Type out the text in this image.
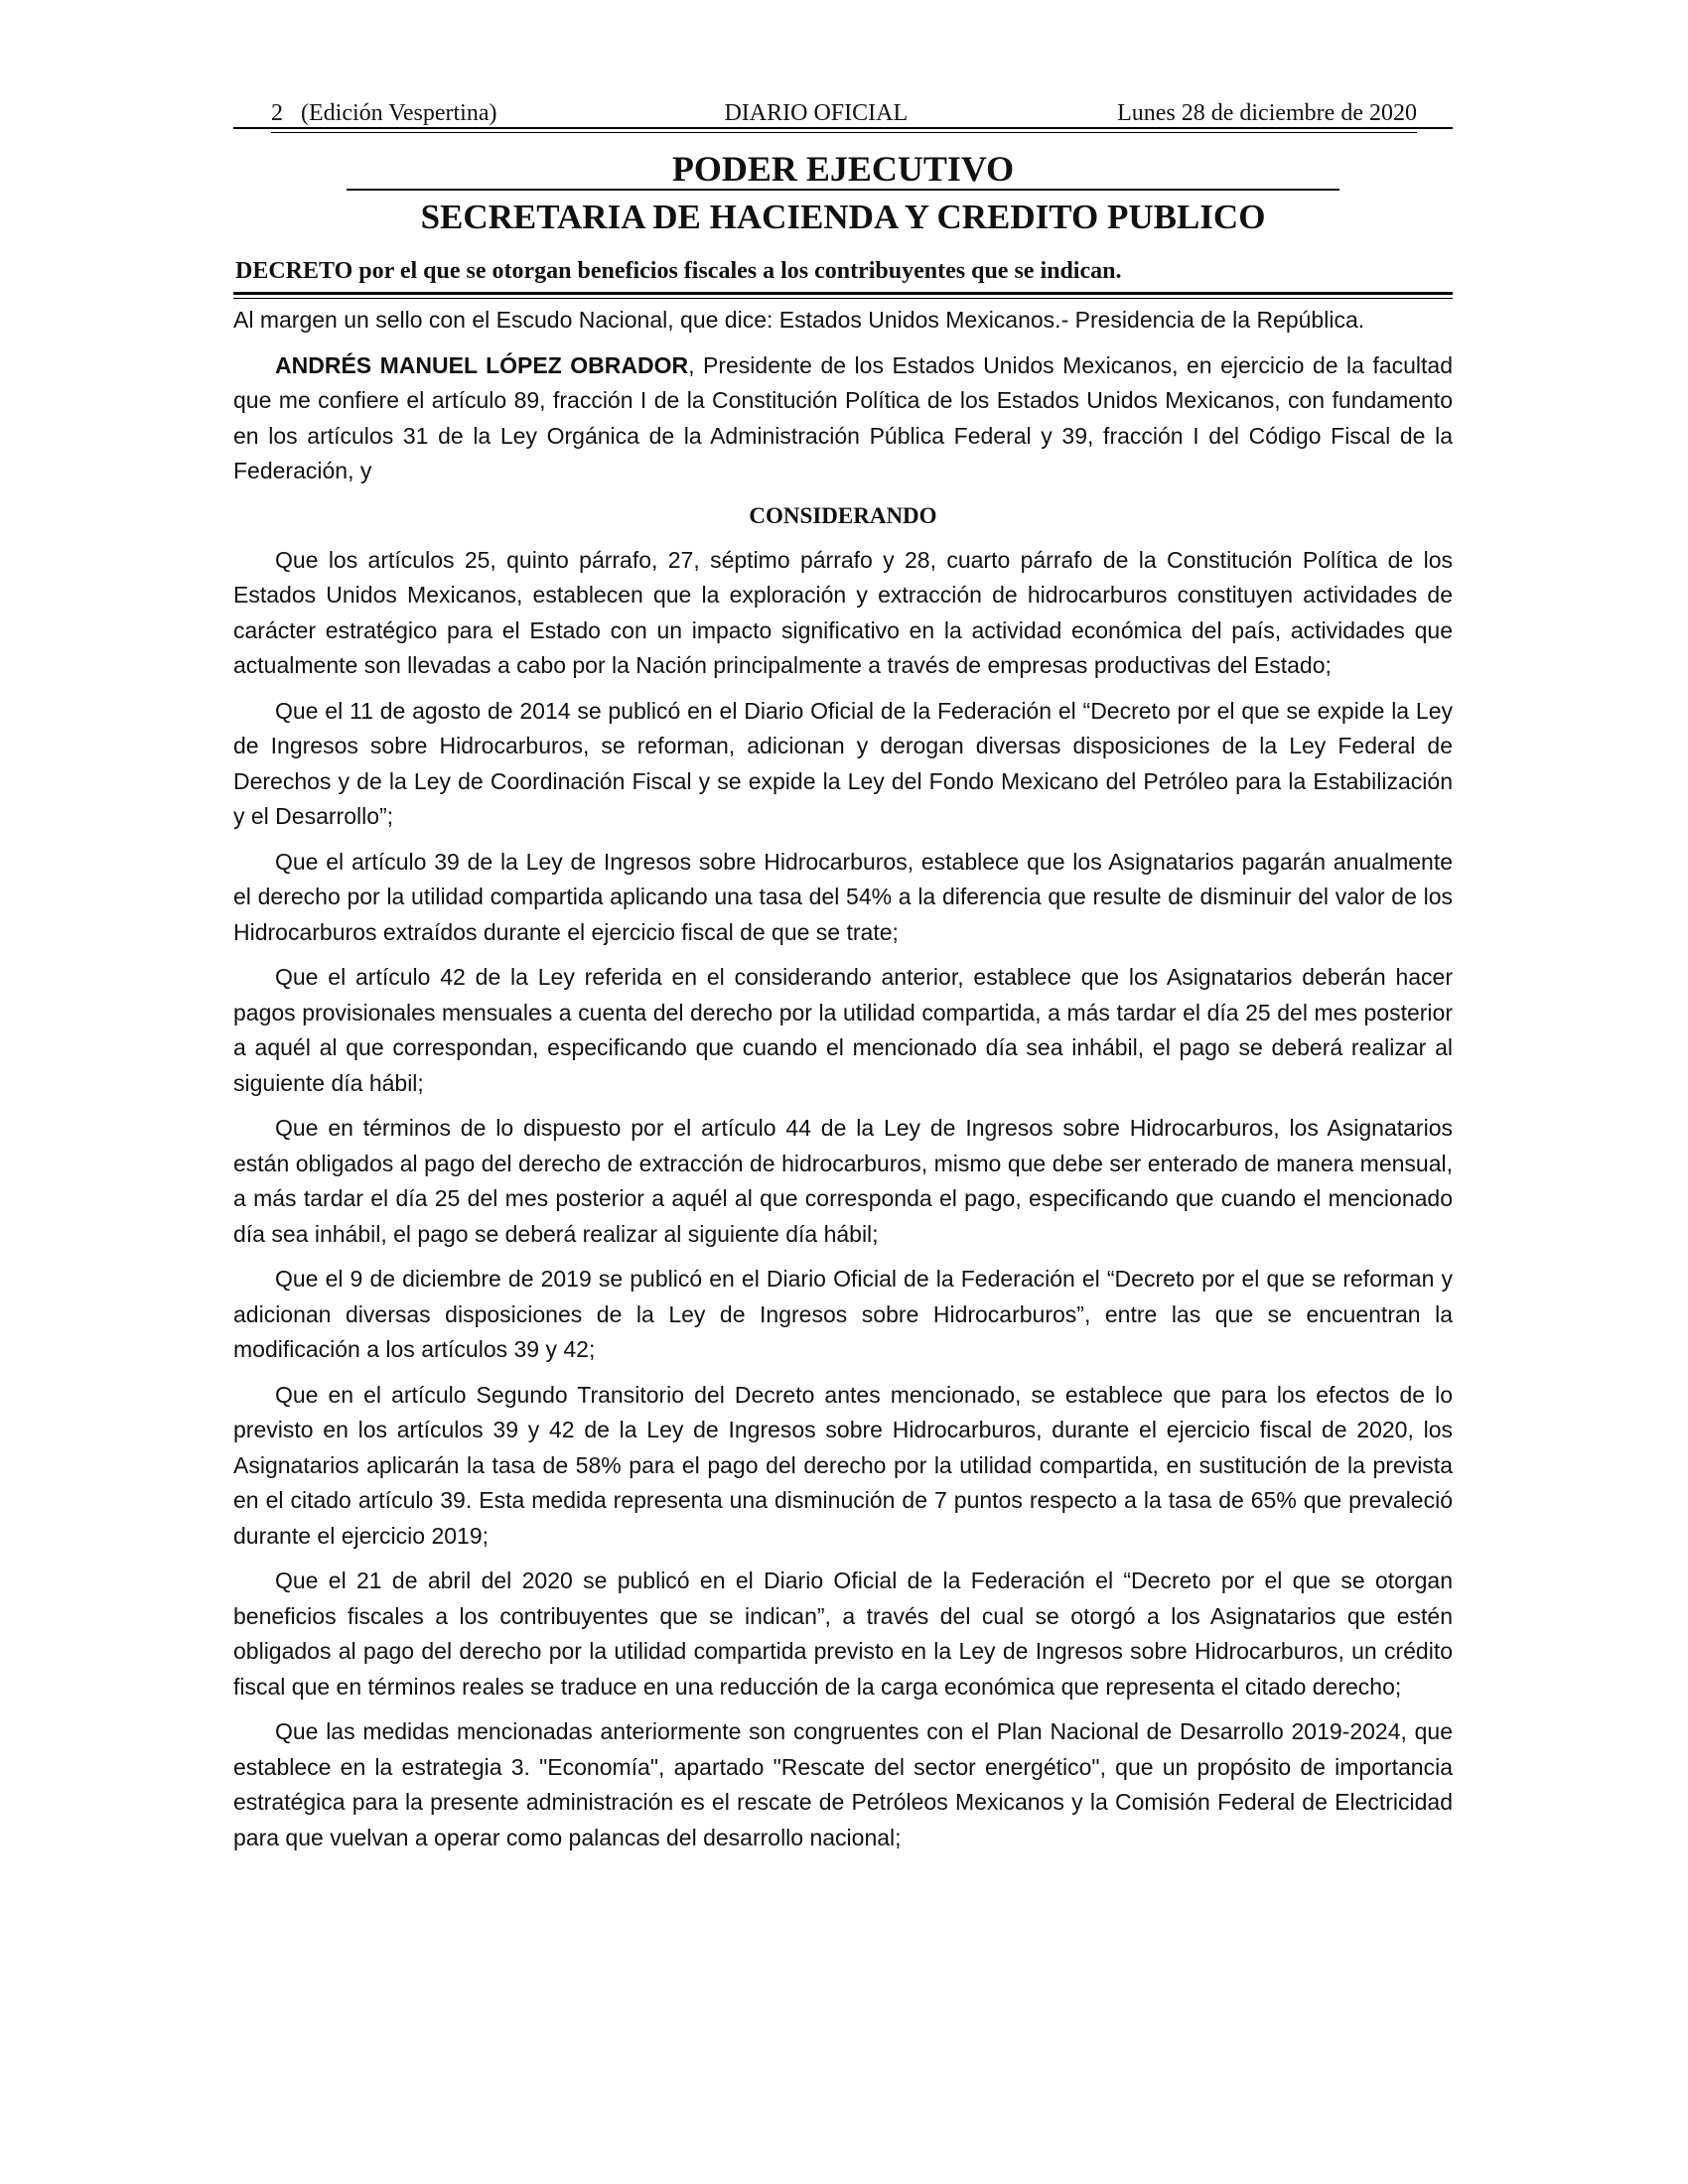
2 (Edición Vespertina)	DIARIO OFICIAL	Lunes 28 de diciembre de 2020
PODER EJECUTIVO
SECRETARIA DE HACIENDA Y CREDITO PUBLICO
DECRETO por el que se otorgan beneficios fiscales a los contribuyentes que se indican.

Al margen un sello con el Escudo Nacional, que dice: Estados Unidos Mexicanos.- Presidencia de la República.

ANDRÉS MANUEL LÓPEZ OBRADOR, Presidente de los Estados Unidos Mexicanos, en ejercicio de la facultad que me confiere el artículo 89, fracción I de la Constitución Política de los Estados Unidos Mexicanos, con fundamento en los artículos 31 de la Ley Orgánica de la Administración Pública Federal y 39, fracción I del Código Fiscal de la Federación, y

CONSIDERANDO

Que los artículos 25, quinto párrafo, 27, séptimo párrafo y 28, cuarto párrafo de la Constitución Política de los Estados Unidos Mexicanos, establecen que la exploración y extracción de hidrocarburos constituyen actividades de carácter estratégico para el Estado con un impacto significativo en la actividad económica del país, actividades que actualmente son llevadas a cabo por la Nación principalmente a través de empresas productivas del Estado;

Que el 11 de agosto de 2014 se publicó en el Diario Oficial de la Federación el “Decreto por el que se expide la Ley de Ingresos sobre Hidrocarburos, se reforman, adicionan y derogan diversas disposiciones de la Ley Federal de Derechos y de la Ley de Coordinación Fiscal y se expide la Ley del Fondo Mexicano del Petróleo para la Estabilización y el Desarrollo”;

Que el artículo 39 de la Ley de Ingresos sobre Hidrocarburos, establece que los Asignatarios pagarán anualmente el derecho por la utilidad compartida aplicando una tasa del 54% a la diferencia que resulte de disminuir del valor de los Hidrocarburos extraídos durante el ejercicio fiscal de que se trate;

Que el artículo 42 de la Ley referida en el considerando anterior, establece que los Asignatarios deberán hacer pagos provisionales mensuales a cuenta del derecho por la utilidad compartida, a más tardar el día 25 del mes posterior a aquél al que correspondan, especificando que cuando el mencionado día sea inhábil, el pago se deberá realizar al siguiente día hábil;

Que en términos de lo dispuesto por el artículo 44 de la Ley de Ingresos sobre Hidrocarburos, los Asignatarios están obligados al pago del derecho de extracción de hidrocarburos, mismo que debe ser enterado de manera mensual, a más tardar el día 25 del mes posterior a aquél al que corresponda el pago, especificando que cuando el mencionado día sea inhábil, el pago se deberá realizar al siguiente día hábil;

Que el 9 de diciembre de 2019 se publicó en el Diario Oficial de la Federación el “Decreto por el que se reforman y adicionan diversas disposiciones de la Ley de Ingresos sobre Hidrocarburos”, entre las que se encuentran la modificación a los artículos 39 y 42;

Que en el artículo Segundo Transitorio del Decreto antes mencionado, se establece que para los efectos de lo previsto en los artículos 39 y 42 de la Ley de Ingresos sobre Hidrocarburos, durante el ejercicio fiscal de 2020, los Asignatarios aplicarán la tasa de 58% para el pago del derecho por la utilidad compartida, en sustitución de la prevista en el citado artículo 39. Esta medida representa una disminución de 7 puntos respecto a la tasa de 65% que prevaleció durante el ejercicio 2019;

Que el 21 de abril del 2020 se publicó en el Diario Oficial de la Federación el “Decreto por el que se otorgan beneficios fiscales a los contribuyentes que se indican”, a través del cual se otorgó a los Asignatarios que estén obligados al pago del derecho por la utilidad compartida previsto en la Ley de Ingresos sobre Hidrocarburos, un crédito fiscal que en términos reales se traduce en una reducción de la carga económica que representa el citado derecho;

Que las medidas mencionadas anteriormente son congruentes con el Plan Nacional de Desarrollo 2019-2024, que establece en la estrategia 3. "Economía", apartado "Rescate del sector energético", que un propósito de importancia estratégica para la presente administración es el rescate de Petróleos Mexicanos y la Comisión Federal de Electricidad para que vuelvan a operar como palancas del desarrollo nacional;
